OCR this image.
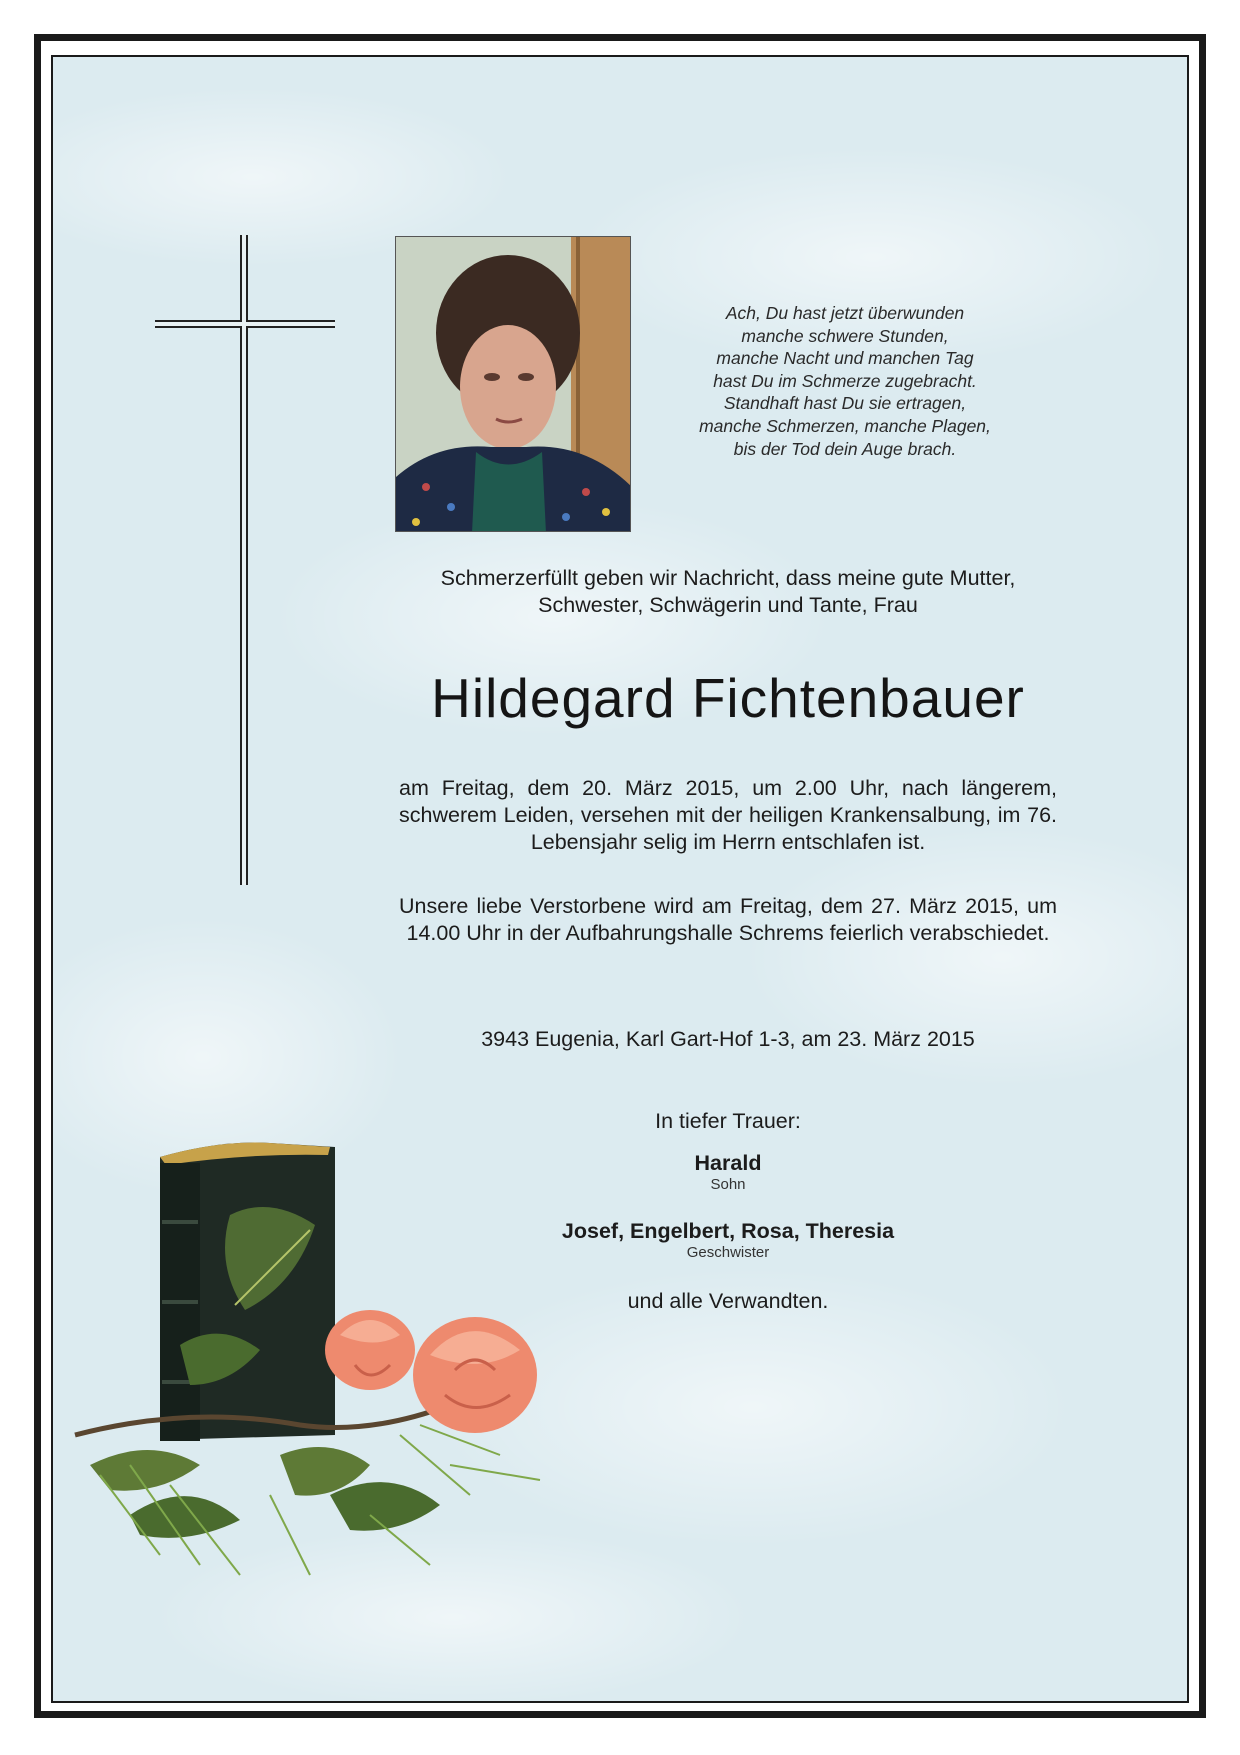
Ach, Du hast jetzt überwunden
manche schwere Stunden,
manche Nacht und manchen Tag
hast Du im Schmerze zugebracht.
Standhaft hast Du sie ertragen,
manche Schmerzen, manche Plagen,
bis der Tod dein Auge brach.
Schmerzerfüllt geben wir Nachricht, dass meine gute Mutter,
Schwester, Schwägerin und Tante, Frau
Hildegard Fichtenbauer
am Freitag, dem 20. März 2015, um 2.00 Uhr, nach längerem, schwerem Leiden, versehen mit der heiligen Krankensalbung, im 76. Lebensjahr selig im Herrn entschlafen ist.
Unsere liebe Verstorbene wird am Freitag, dem 27. März 2015, um 14.00 Uhr in der Aufbahrungshalle Schrems feierlich verabschiedet.
3943 Eugenia, Karl Gart-Hof 1-3, am 23. März 2015
In tiefer Trauer:
Harald
Sohn
Josef, Engelbert, Rosa, Theresia
Geschwister
und alle Verwandten.
